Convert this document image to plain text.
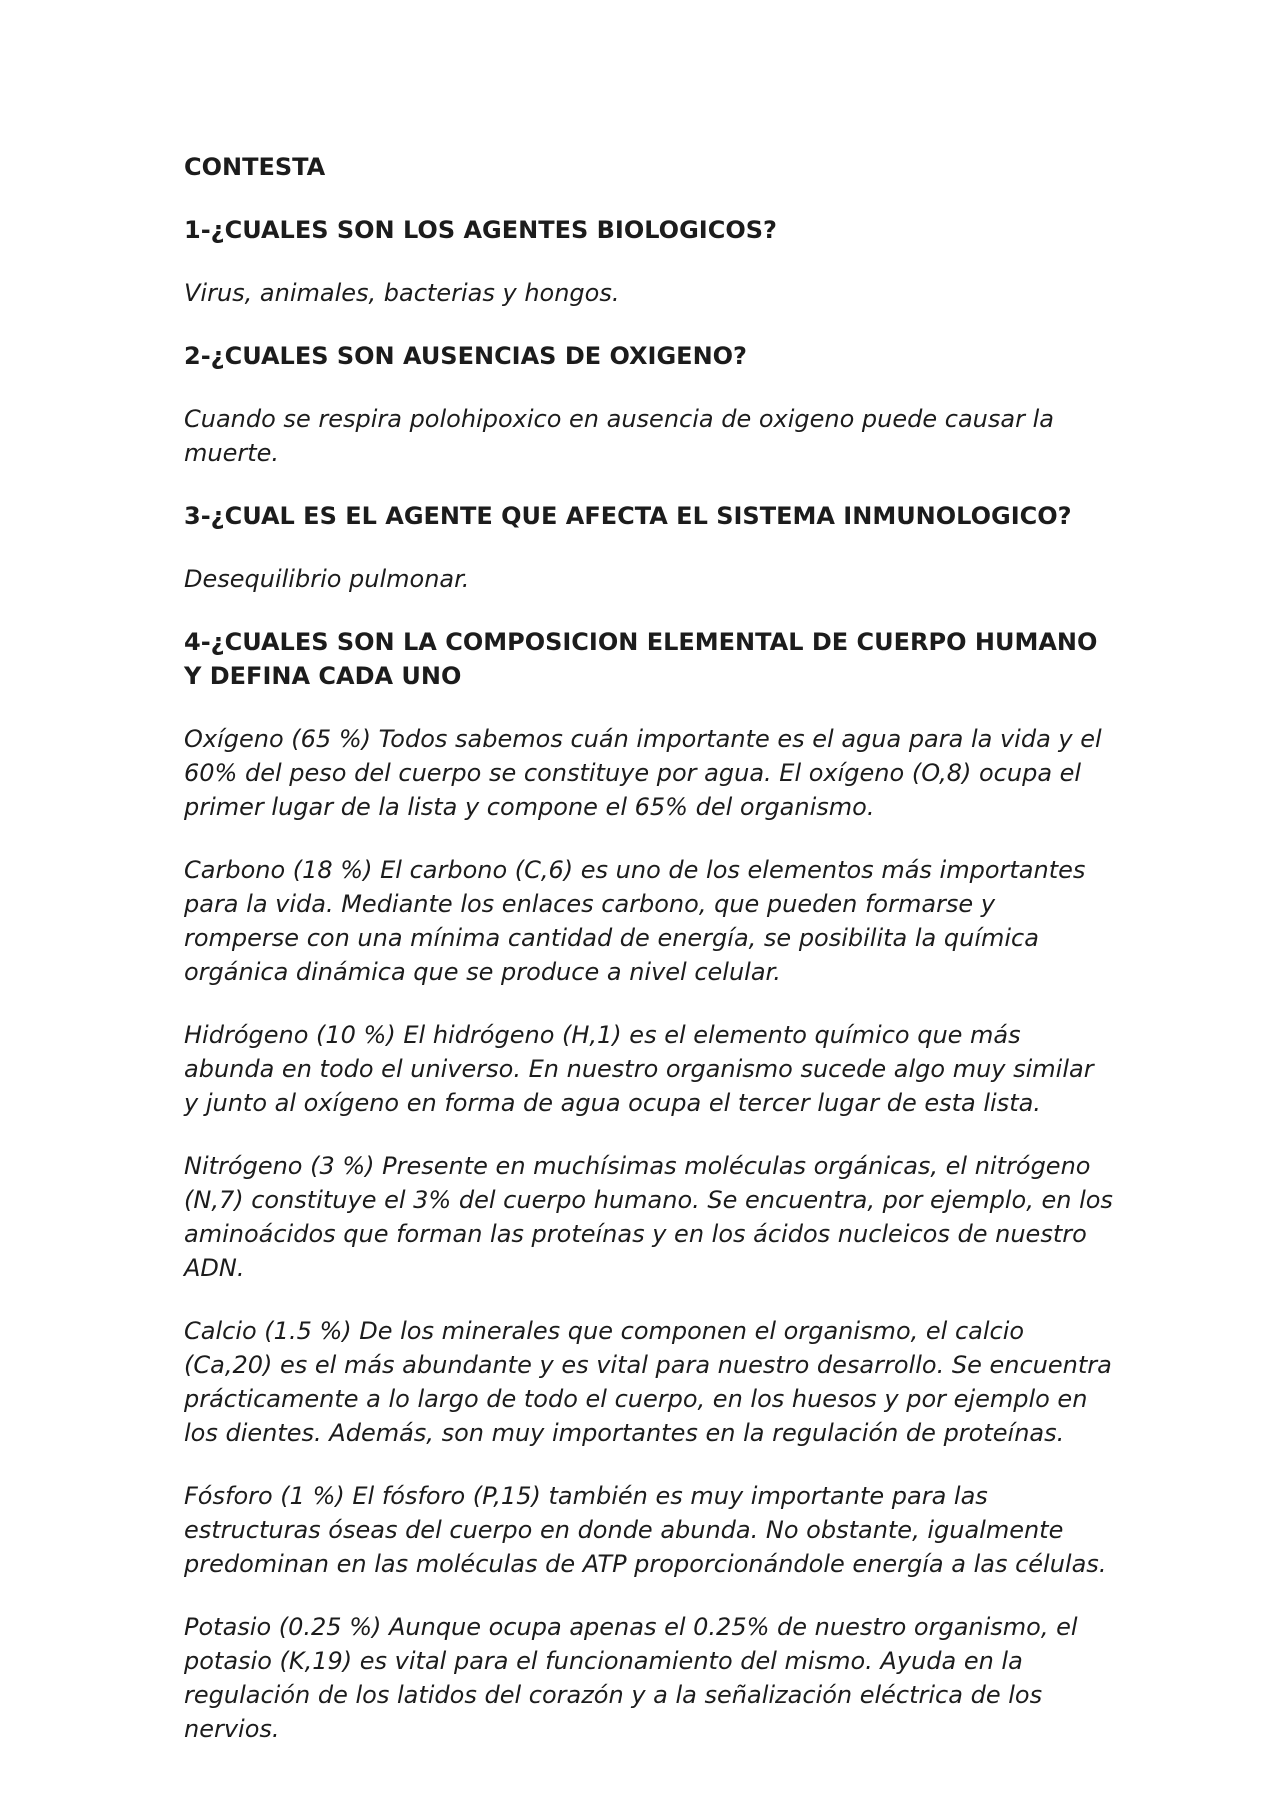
CONTESTA

1-¿CUALES SON LOS AGENTES BIOLOGICOS?

Virus, animales, bacterias y hongos.

2-¿CUALES SON AUSENCIAS DE OXIGENO?

Cuando se respira polohipoxico en ausencia de oxigeno puede causar la muerte.

3-¿CUAL ES EL AGENTE QUE AFECTA EL SISTEMA INMUNOLOGICO?

Desequilibrio pulmonar.

4-¿CUALES SON LA COMPOSICION ELEMENTAL DE CUERPO HUMANO Y DEFINA CADA UNO

Oxígeno (65 %) Todos sabemos cuán importante es el agua para la vida y el 60% del peso del cuerpo se constituye por agua. El oxígeno (O,8) ocupa el primer lugar de la lista y compone el 65% del organismo.

Carbono (18 %) El carbono (C,6) es uno de los elementos más importantes para la vida. Mediante los enlaces carbono, que pueden formarse y romperse con una mínima cantidad de energía, se posibilita la química orgánica dinámica que se produce a nivel celular.

Hidrógeno (10 %) El hidrógeno (H,1) es el elemento químico que más abunda en todo el universo. En nuestro organismo sucede algo muy similar y junto al oxígeno en forma de agua ocupa el tercer lugar de esta lista.

Nitrógeno (3 %) Presente en muchísimas moléculas orgánicas, el nitrógeno (N,7) constituye el 3% del cuerpo humano. Se encuentra, por ejemplo, en los aminoácidos que forman las proteínas y en los ácidos nucleicos de nuestro ADN.

Calcio (1.5 %) De los minerales que componen el organismo, el calcio (Ca,20) es el más abundante y es vital para nuestro desarrollo. Se encuentra prácticamente a lo largo de todo el cuerpo, en los huesos y por ejemplo en los dientes. Además, son muy importantes en la regulación de proteínas.

Fósforo (1 %) El fósforo (P,15) también es muy importante para las estructuras óseas del cuerpo en donde abunda. No obstante, igualmente predominan en las moléculas de ATP proporcionándole energía a las células.

Potasio (0.25 %) Aunque ocupa apenas el 0.25% de nuestro organismo, el potasio (K,19) es vital para el funcionamiento del mismo. Ayuda en la regulación de los latidos del corazón y a la señalización eléctrica de los nervios.
